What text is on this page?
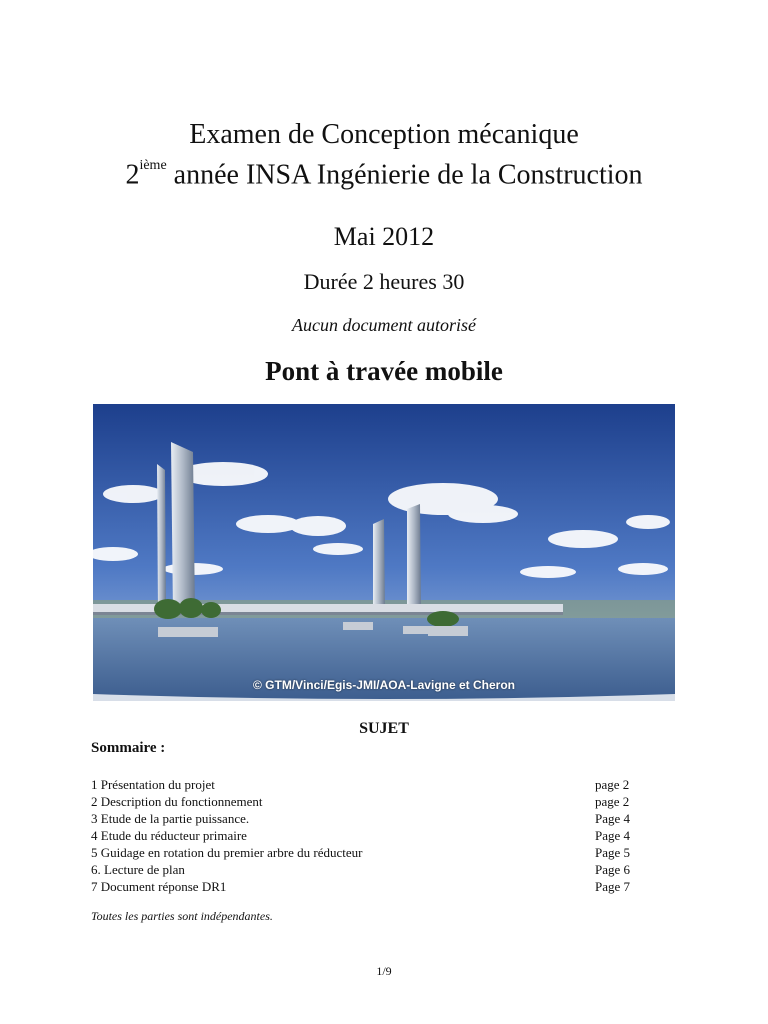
Examen de Conception mécanique
2ième année INSA Ingénierie de la Construction
Mai 2012
Durée 2 heures 30
Aucun document autorisé
Pont à travée mobile
© GTM/Vinci/Egis-JMI/AOA-Lavigne et Cheron
SUJET
Sommaire :
1 Présentation du projet	page 2
2 Description du fonctionnement	page 2
3 Etude de la partie puissance.	Page 4
4 Etude du réducteur primaire	Page 4
5 Guidage en rotation du premier arbre du réducteur	Page 5
6. Lecture de plan	Page 6
7 Document réponse DR1	Page 7
Toutes les parties sont indépendantes.
1/9
